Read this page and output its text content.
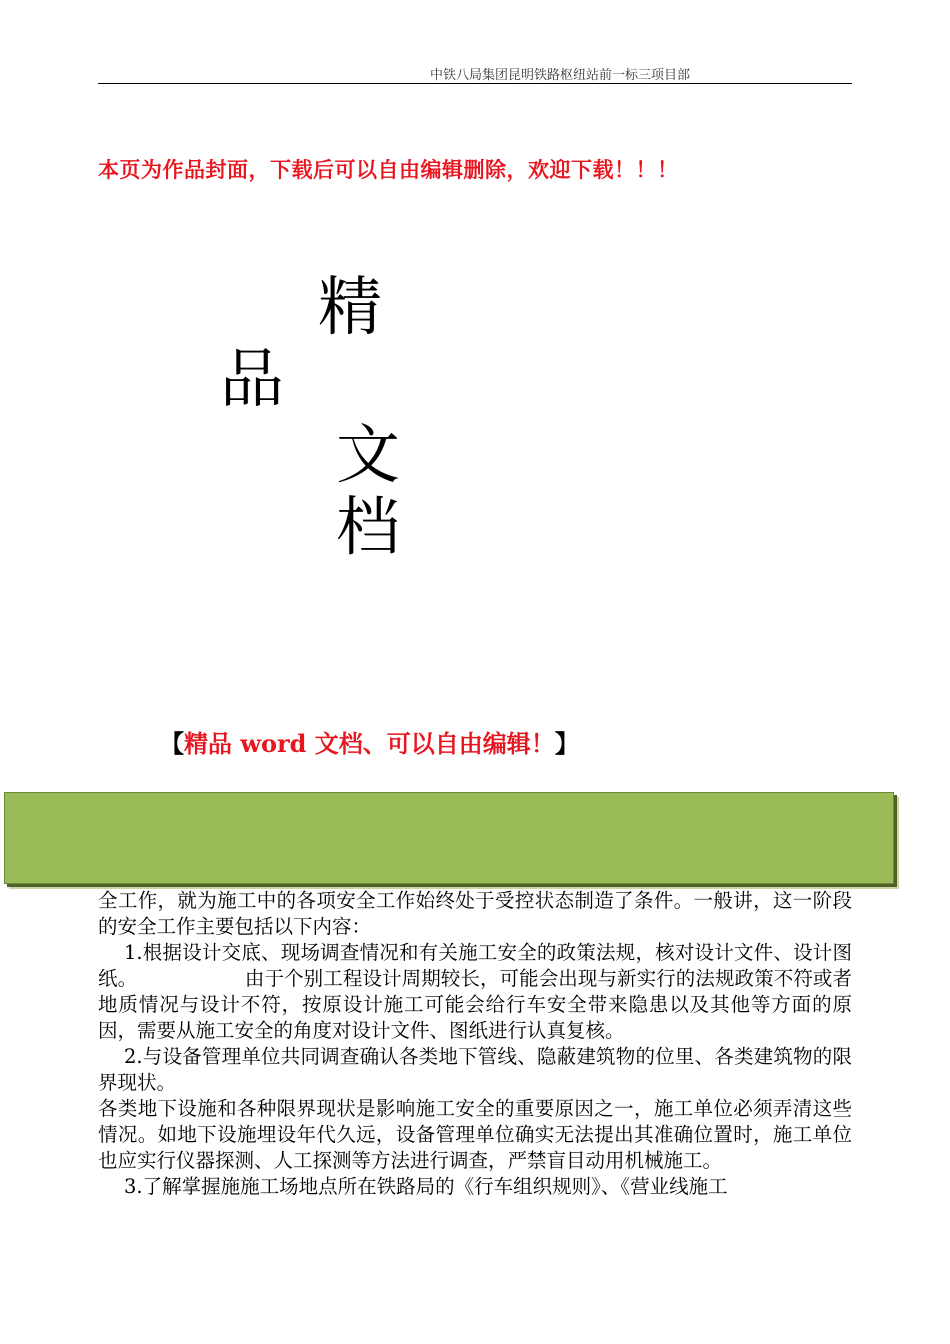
中铁八局集团昆明铁路枢纽站前一标三项目部
本页为作品封面，下载后可以自由编辑删除，欢迎下载！！！
精
品
文
档
【精品 word 文档、可以自由编辑！】

全工作，就为施工中的各项安全工作始终处于受控状态制造了条件。一般讲，这一阶段的安全工作主要包括以下内容：

1.根据设计交底、现场调查情况和有关施工安全的政策法规，核对设计文件、设计图纸。　　　　　　由于个别工程设计周期较长，可能会出现与新实行的法规政策不符或者地质情况与设计不符，按原设计施工可能会给行车安全带来隐患以及其他等方面的原因，需要从施工安全的角度对设计文件、图纸进行认真复核。

2.与设备管理单位共同调查确认各类地下管线、隐蔽建筑物的位里、各类建筑物的限界现状。

各类地下设施和各种限界现状是影响施工安全的重要原因之一，施工单位必须弄清这些情况。如地下设施埋设年代久远，设备管理单位确实无法提出其准确位置时，施工单位也应实行仪器探测、人工探测等方法进行调查，严禁盲目动用机械施工。

3.了解掌握施施工场地点所在铁路局的《行车组织规则》、《营业线施工
